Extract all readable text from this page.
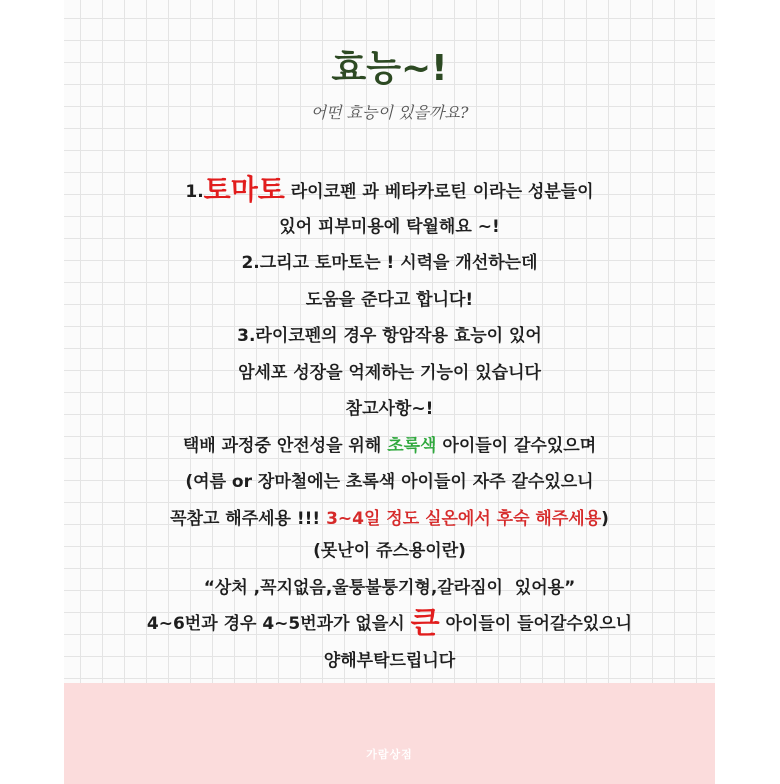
효능~!
어떤 효능이 있을까요?
1.토마토 라이코펜 과 베타카로틴 이라는 성분들이
있어 피부미용에 탁월해요 ~!
2.그리고 토마토는 ! 시력을 개선하는데
도움을 준다고 합니다!
3.라이코펜의 경우 항암작용 효능이 있어
암세포 성장을 억제하는 기능이 있습니다
참고사항~!
택배 과정중 안전성을 위해 초록색 아이들이 갈수있으며
(여름 or 장마철에는 초록색 아이들이 자주 갈수있으니
꼭참고 해주세용 !!! 3~4일 정도 실온에서 후숙 해주세용)
(못난이 쥬스용이란)
“상처 ,꼭지없음,울퉁불퉁기형,갈라짐이  있어용”
4~6번과 경우 4~5번과가 없을시 큰 아이들이 들어갈수있으니
양해부탁드립니다
가람상점
